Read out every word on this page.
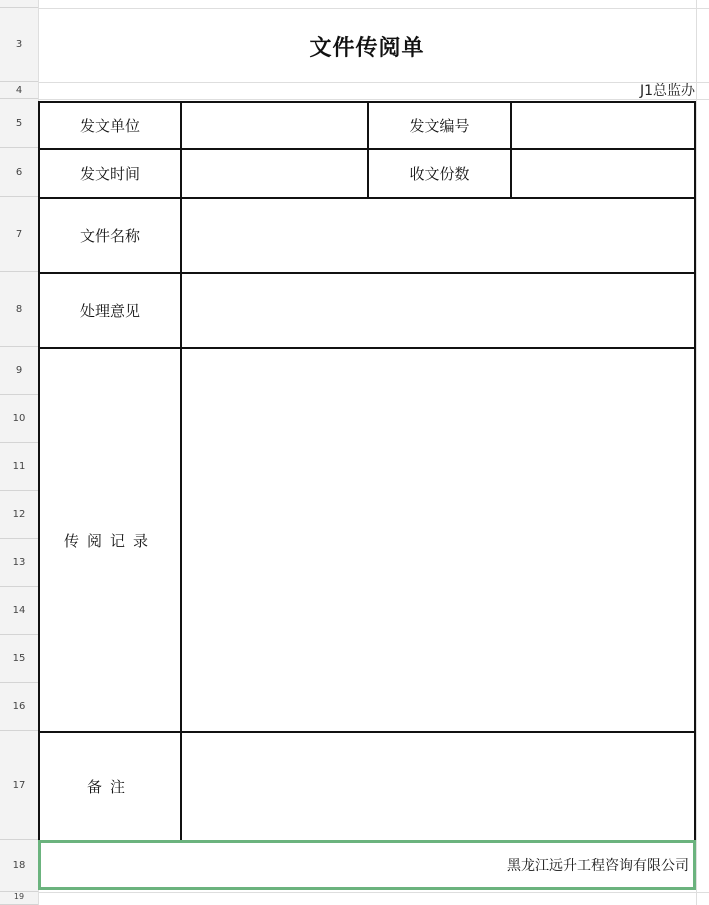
3
4
5
6
7
8
9
10
11
12
13
14
15
16
17
18
19
文件传阅单
J1总监办
发文单位	发文编号
发文时间	收文份数
文件名称
处理意见
传阅记录
备注
黑龙江远升工程咨询有限公司
